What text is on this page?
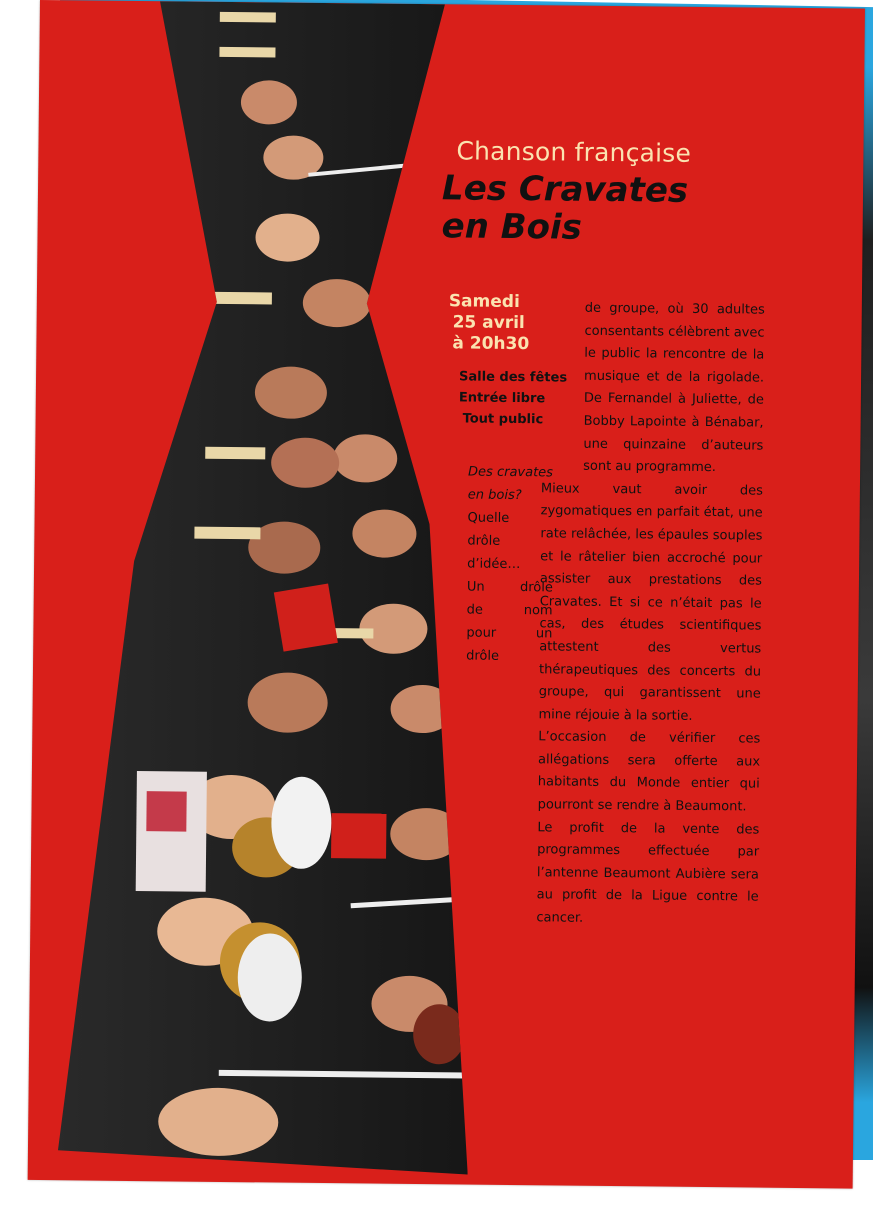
Chanson française
Les Cravates en Bois
Samedi
25 avril
à 20h30
Salle des fêtes
Entrée libre
Tout public
Des cravates en bois?
Quelle
drôle
d’idée…
Un drôle
de nom
pour un
drôle

de groupe, où 30 adultes consentants célèbrent avec le public la rencontre de la musique et de la rigolade. De Fernandel à Juliette, de Bobby Lapointe à Bénabar, une quinzaine d’auteurs sont au programme.

Mieux vaut avoir des zygomatiques en parfait état, une rate relâchée, les épaules souples et le râtelier bien accroché pour assister aux prestations des Cravates. Et si ce n’était pas le cas, des études scientifiques attestent des vertus thérapeutiques des concerts du groupe, qui garantissent une mine réjouie à la sortie.

L’occasion de vérifier ces allégations sera offerte aux habitants du Monde entier qui pourront se rendre à Beaumont.

Le profit de la vente des programmes effectuée par l’antenne Beaumont Aubière sera au profit de la Ligue contre le cancer.
